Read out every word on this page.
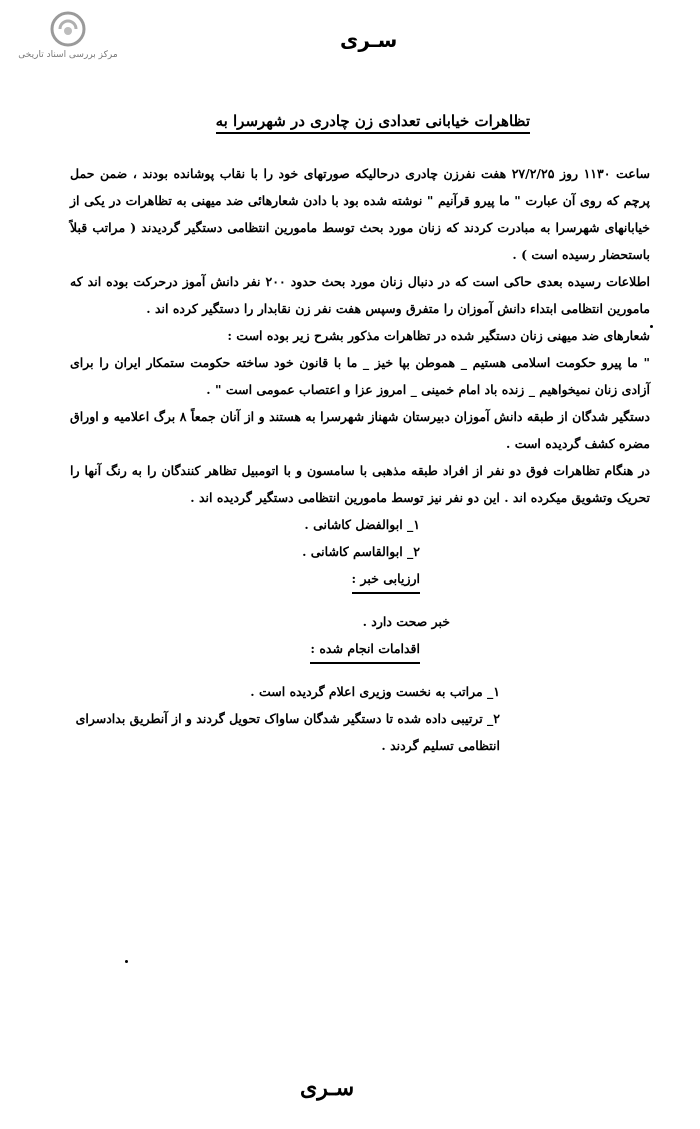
مرکز بررسی اسناد تاریخی
سـری
تظاهرات خیابانی تعدادی زن چادری در شهرسرا به

ساعت ۱۱۳۰ روز ۲۷/۲/۲۵ هفت نفرزن چادری درحالیکه صورتهای خود را با نقاب پوشانده بودند ، ضمن حمل پرچم که روی آن عبارت " ما پیرو قرآنیم " نوشته شده بود با دادن شعارهائی ضد میهنی به تظاهرات در یکی از خیابانهای شهرسرا به مبادرت کردند که زنان مورد بحث توسط مامورین انتظامی دستگیر گردیدند ( مراتب قبلاً باستحضار رسیده است ) .

اطلاعات رسیده بعدی حاکی است که در دنبال زنان مورد بحث حدود ۲۰۰ نفر دانش آموز درحرکت بوده اند که مامورین انتظامی ابتداء دانش آموزان را متفرق وسپس هفت نفر زن نقابدار را دستگیر کرده اند .

شعارهای ضد میهنی زنان دستگیر شده در تظاهرات مذکور بشرح زیر بوده است :

" ما پیرو حکومت اسلامی هستیم _ هموطن بپا خیز _ ما با قانون خود ساخته حکومت ستمکار ایران را برای آزادی زنان نمیخواهیم _ زنده باد امام خمینی _ امروز عزا و اعتصاب عمومی است " .

دستگیر شدگان از طبقه دانش آموزان دبیرستان شهناز شهرسرا به هستند و از آنان جمعاً ۸ برگ اعلامیه و اوراق مضره کشف گردیده است .

در هنگام تظاهرات فوق دو نفر از افراد طبقه مذهبی با سامسون و با اتومبیل تظاهر کنندگان را به رنگ آنها را تحریک وتشویق میکرده اند . این دو نفر نیز توسط مامورین انتظامی دستگیر گردیده اند .

۱_ ابوالفضل کاشانی .

۲_ ابوالقاسم کاشانی .

ارزیابی خبر :

خبر صحت دارد .

اقدامات انجام شده :

۱_ مراتب به نخست وزیری اعلام گردیده است .

۲_ ترتیبی داده شده تا دستگیر شدگان ساواک تحویل گردند و از آنطریق بدادسرای انتظامی تسلیم گردند .

سـری
